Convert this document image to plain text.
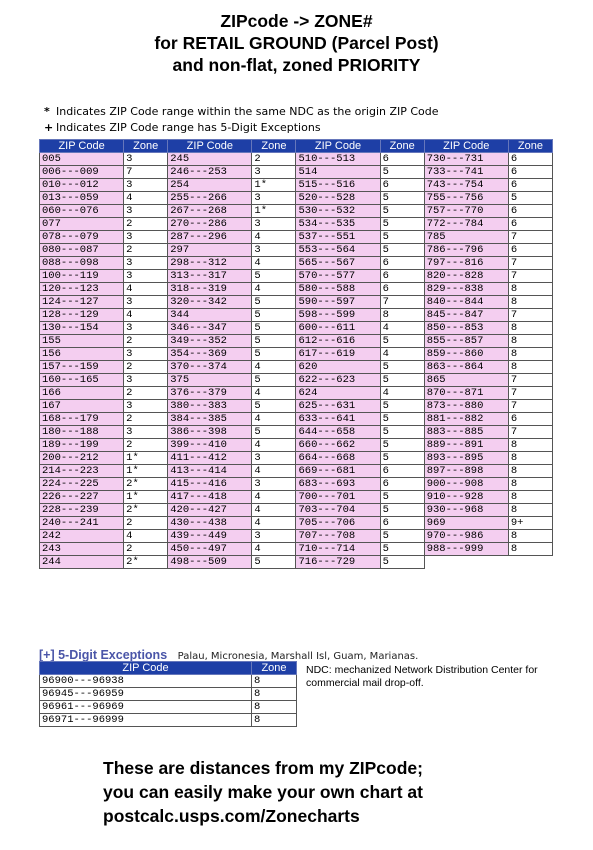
ZIPcode -> ZONE#
for RETAIL GROUND (Parcel Post)
and non-flat, zoned PRIORITY
* Indicates ZIP Code range within the same NDC as the origin ZIP Code
+ Indicates ZIP Code range has 5-Digit Exceptions
ZIP Code	Zone	ZIP Code	Zone	ZIP Code	Zone	ZIP Code	Zone
005	3	245	2	510---513	6	730---731	6
006---009	7	246---253	3	514	5	733---741	6
010---012	3	254	1*	515---516	6	743---754	6
013---059	4	255---266	3	520---528	5	755---756	5
060---076	3	267---268	1*	530---532	5	757---770	6
077	2	270---286	3	534---535	5	772---784	6
078---079	3	287---296	4	537---551	5	785	7
080---087	2	297	3	553---564	5	786---796	6
088---098	3	298---312	4	565---567	6	797---816	7
100---119	3	313---317	5	570---577	6	820---828	7
120---123	4	318---319	4	580---588	6	829---838	8
124---127	3	320---342	5	590---597	7	840---844	8
128---129	4	344	5	598---599	8	845---847	7
130---154	3	346---347	5	600---611	4	850---853	8
155	2	349---352	5	612---616	5	855---857	8
156	3	354---369	5	617---619	4	859---860	8
157---159	2	370---374	4	620	5	863---864	8
160---165	3	375	5	622---623	5	865	7
166	2	376---379	4	624	4	870---871	7
167	3	380---383	5	625---631	5	873---880	7
168---179	2	384---385	4	633---641	5	881---882	6
180---188	3	386---398	5	644---658	5	883---885	7
189---199	2	399---410	4	660---662	5	889---891	8
200---212	1*	411---412	3	664---668	5	893---895	8
214---223	1*	413---414	4	669---681	6	897---898	8
224---225	2*	415---416	3	683---693	6	900---908	8
226---227	1*	417---418	4	700---701	5	910---928	8
228---239	2*	420---427	4	703---704	5	930---968	8
240---241	2	430---438	4	705---706	6	969	9+
242	4	439---449	3	707---708	5	970---986	8
243	2	450---497	4	710---714	5	988---999	8
244	2*	498---509	5	716---729	5		
[+] 5-Digit Exceptions Palau, Micronesia, Marshall Isl, Guam, Marianas.
ZIP Code	Zone
96900---96938	8
96945---96959	8
96961---96969	8
96971---96999	8
NDC: mechanized Network Distribution Center for commercial mail drop-off.
These are distances from my ZIPcode;
you can easily make your own chart at
postcalc.usps.com/Zonecharts
